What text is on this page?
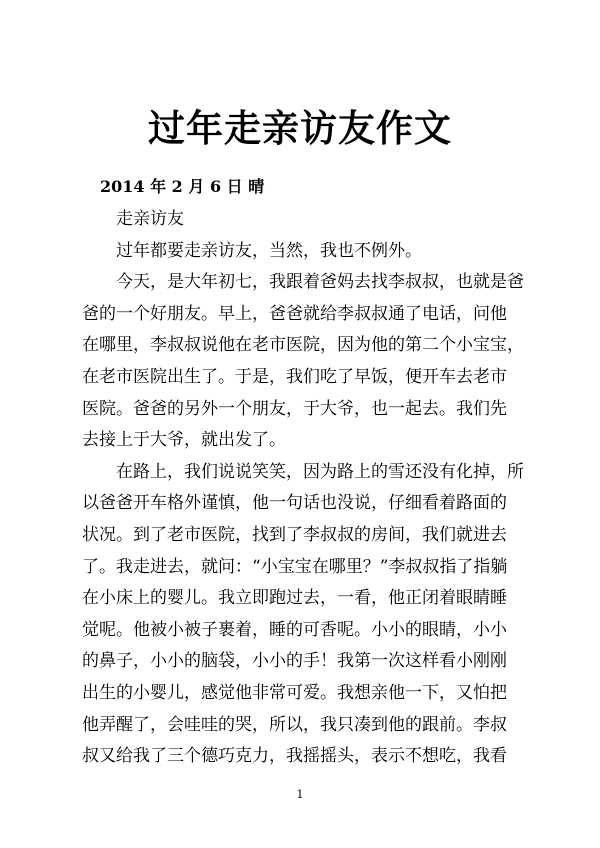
过年走亲访友作文

2014 年 2 月 6 日 晴

走亲访友

过年都要走亲访友，当然，我也不例外。

今天，是大年初七，我跟着爸妈去找李叔叔，也就是爸
爸的一个好朋友。早上，爸爸就给李叔叔通了电话，问他
在哪里，李叔叔说他在老市医院，因为他的第二个小宝宝，
在老市医院出生了。于是，我们吃了早饭，便开车去老市
医院。爸爸的另外一个朋友，于大爷，也一起去。我们先
去接上于大爷，就出发了。

在路上，我们说说笑笑，因为路上的雪还没有化掉，所
以爸爸开车格外谨慎，他一句话也没说，仔细看着路面的
状况。到了老市医院，找到了李叔叔的房间，我们就进去
了。我走进去，就问：“小宝宝在哪里？”李叔叔指了指躺
在小床上的婴儿。我立即跑过去，一看，他正闭着眼睛睡
觉呢。他被小被子裹着，睡的可香呢。小小的眼睛，小小
的鼻子，小小的脑袋，小小的手！我第一次这样看小刚刚
出生的小婴儿，感觉他非常可爱。我想亲他一下，又怕把
他弄醒了，会哇哇的哭，所以，我只凑到他的跟前。李叔
叔又给我了三个德巧克力，我摇摇头，表示不想吃，我看

1
